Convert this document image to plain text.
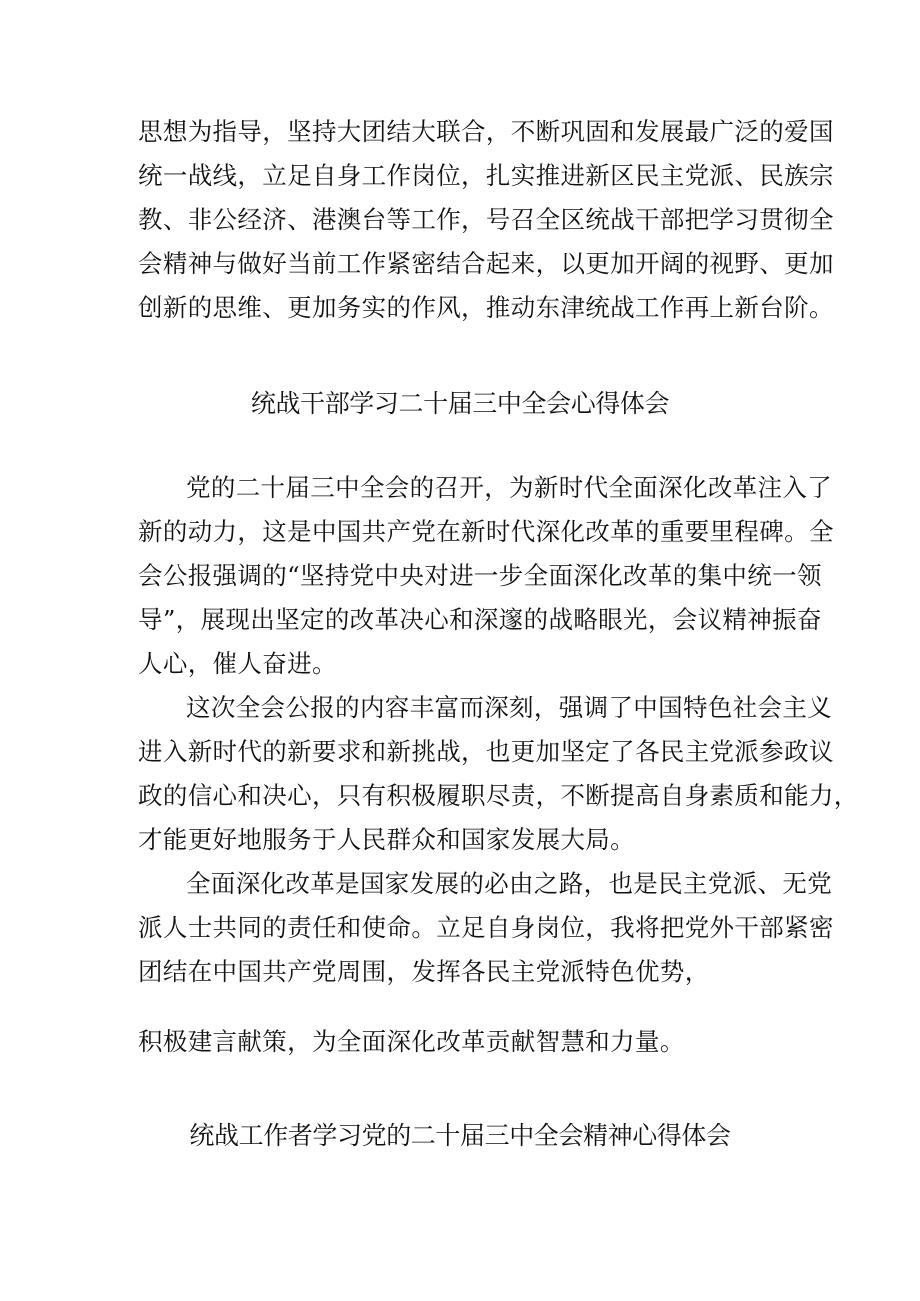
思想为指导，坚持大团结大联合，不断巩固和发展最广泛的爱国
统一战线，立足自身工作岗位，扎实推进新区民主党派、民族宗
教、非公经济、港澳台等工作，号召全区统战干部把学习贯彻全
会精神与做好当前工作紧密结合起来，以更加开阔的视野、更加
创新的思维、更加务实的作风，推动东津统战工作再上新台阶。
统战干部学习二十届三中全会心得体会
党的二十届三中全会的召开，为新时代全面深化改革注入了
新的动力，这是中国共产党在新时代深化改革的重要里程碑。全
会公报强调的“坚持党中央对进一步全面深化改革的集中统一领
导”，展现出坚定的改革决心和深邃的战略眼光，会议精神振奋
人心，催人奋进。
这次全会公报的内容丰富而深刻，强调了中国特色社会主义
进入新时代的新要求和新挑战，也更加坚定了各民主党派参政议
政的信心和决心，只有积极履职尽责，不断提高自身素质和能力，
才能更好地服务于人民群众和国家发展大局。
全面深化改革是国家发展的必由之路，也是民主党派、无党
派人士共同的责任和使命。立足自身岗位，我将把党外干部紧密
团结在中国共产党周围，发挥各民主党派特色优势，
积极建言献策，为全面深化改革贡献智慧和力量。
统战工作者学习党的二十届三中全会精神心得体会
